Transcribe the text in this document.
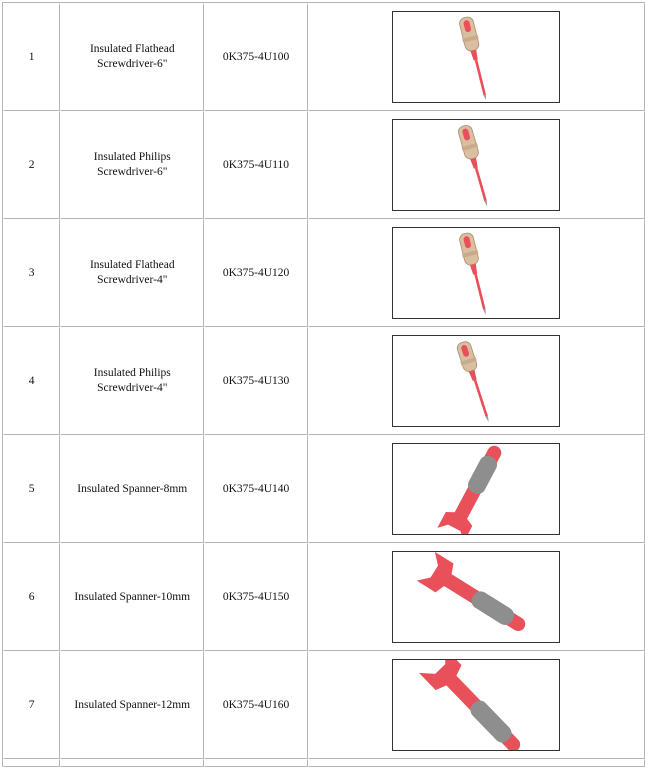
1	Insulated Flathead Screwdriver-6"	0K375-4U100	

2	Insulated Philips Screwdriver-6"	0K375-4U110	

3	Insulated Flathead Screwdriver-4"	0K375-4U120	

4	Insulated Philips Screwdriver-4"	0K375-4U130	

5	Insulated Spanner-8mm	0K375-4U140	

6	Insulated Spanner-10mm	0K375-4U150	

7	Insulated Spanner-12mm	0K375-4U160	
